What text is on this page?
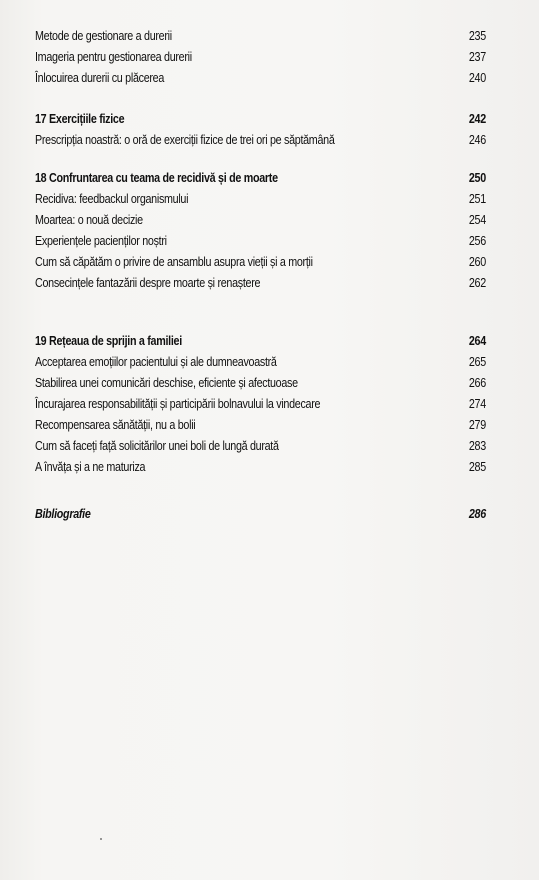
Metode de gestionare a durerii	235
Imageria pentru gestionarea durerii	237
Înlocuirea durerii cu plăcerea	240
17 Exercițiile fizice	242
Prescripția noastră: o oră de exerciții fizice de trei ori pe săptămână	246
18 Confruntarea cu teama de recidivă și de moarte	250
Recidiva: feedbackul organismului	251
Moartea: o nouă decizie	254
Experiențele pacienților noștri	256
Cum să căpătăm o privire de ansamblu asupra vieții și a morții	260
Consecințele fantazării despre moarte și renaștere	262
19 Rețeaua de sprijin a familiei	264
Acceptarea emoțiilor pacientului și ale dumneavoastră	265
Stabilirea unei comunicări deschise, eficiente și afectuoase	266
Încurajarea responsabilității și participării bolnavului la vindecare	274
Recompensarea sănătății, nu a bolii	279
Cum să faceți față solicitărilor unei boli de lungă durată	283
A învăța și a ne maturiza	285
Bibliografie	286
